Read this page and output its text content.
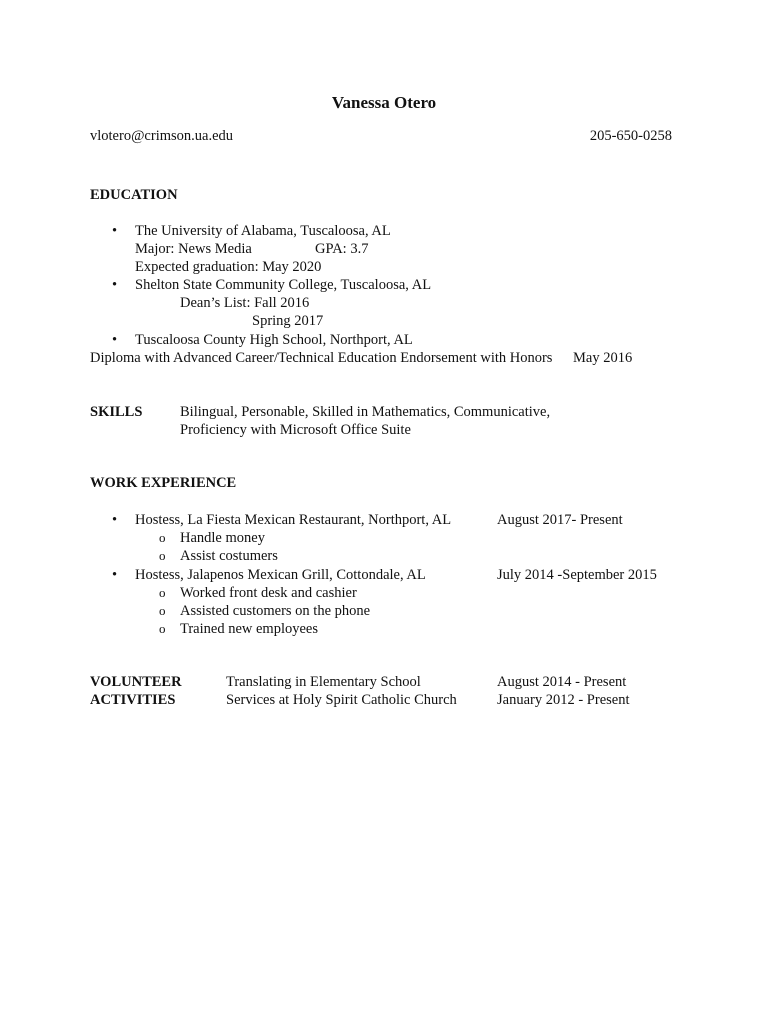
Vanessa Otero
vlotero@crimson.ua.edu	205-650-0258
EDUCATION
• The University of Alabama, Tuscaloosa, AL
Major: News Media	GPA: 3.7
Expected graduation: May 2020
• Shelton State Community College, Tuscaloosa, AL
Dean’s List: Fall 2016
Spring 2017
• Tuscaloosa County High School, Northport, AL
Diploma with Advanced Career/Technical Education Endorsement with Honors May 2016
SKILLS	Bilingual, Personable, Skilled in Mathematics, Communicative,
Proficiency with Microsoft Office Suite
WORK EXPERIENCE
• Hostess, La Fiesta Mexican Restaurant, Northport, AL	August 2017- Present
o Handle money
o Assist costumers
• Hostess, Jalapenos Mexican Grill, Cottondale, AL	July 2014 -September 2015
o Worked front desk and cashier
o Assisted customers on the phone
o Trained new employees
VOLUNTEER
ACTIVITIES
Translating in Elementary School	August 2014 - Present
Services at Holy Spirit Catholic Church	January 2012 - Present
